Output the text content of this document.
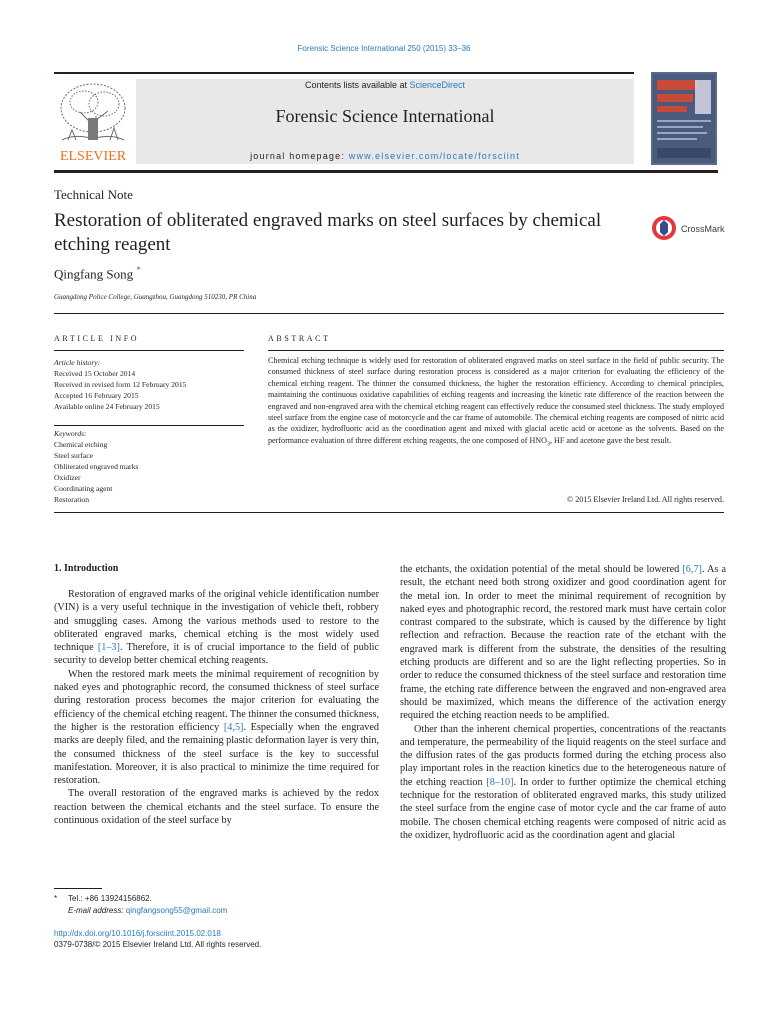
Forensic Science International 250 (2015) 33–36
ELSEVIER
Contents lists available at ScienceDirect
Forensic Science International
journal homepage: www.elsevier.com/locate/forsciint
Technical Note
Restoration of obliterated engraved marks on steel surfaces by chemical etching reagent
CrossMark
Qingfang Song *
Guangdong Police College, Guangzhou, Guangdong 510230, PR China
ARTICLE INFO	ABSTRACT
Article history:
Received 15 October 2014
Received in revised form 12 February 2015
Accepted 16 February 2015
Available online 24 February 2015
Keywords:
Chemical etching
Steel surface
Obliterated engraved marks
Oxidizer
Coordinating agent
Restoration
Chemical etching technique is widely used for restoration of obliterated engraved marks on steel surface in the field of public security. The consumed thickness of steel surface during restoration process is considered as a major criterion for evaluating the efficiency of the chemical etching reagent. The thinner the consumed thickness, the higher the restoration efficiency. According to chemical principles, maintaining the continuous oxidative capabilities of etching reagents and increasing the kinetic rate difference of the reaction between the engraved and non-engraved area with the chemical etching reagent can effectively reduce the consumed steel thickness. The study employed steel surface from the engine case of motorcycle and the car frame of automobile. The chemical etching reagents are composed of nitric acid as the oxidizer, hydrofluoric acid as the coordination agent and mixed with glacial acetic acid or acetone as the solvents. Based on the performance evaluation of three different etching reagents, the one composed of $HNO_3$, HF and acetone gave the best result.
© 2015 Elsevier Ireland Ltd. All rights reserved.
1. Introduction

Restoration of engraved marks of the original vehicle identification number (VIN) is a very useful technique in the investigation of vehicle theft, robbery and smuggling cases. Among the various methods used to restore to the obliterated engraved marks, chemical etching is the most widely used technique [1–3]. Therefore, it is of crucial importance to the field of public security to develop better chemical etching reagents.

When the restored mark meets the minimal requirement of recognition by naked eyes and photographic record, the consumed thickness of steel surface during restoration process becomes the major criterion for evaluating the efficiency of the chemical etching reagent. The thinner the consumed thickness, the higher is the restoration efficiency [4,5]. Especially when the engraved marks are deeply filed, and the remaining plastic deformation layer is very thin, the consumed thickness of the steel surface is the key to successful manifestation. Moreover, it is also practical to minimize the time required for restoration.

The overall restoration of the engraved marks is achieved by the redox reaction between the chemical etchants and the steel surface. To ensure the continuous oxidation of the steel surface by

the etchants, the oxidation potential of the metal should be lowered [6,7]. As a result, the etchant need both strong oxidizer and good coordination agent for the metal ion. In order to meet the minimal requirement of recognition by naked eyes and photographic record, the restored mark must have certain color contrast compared to the substrate, which is caused by the difference by light reflection and refraction. Because the reaction rate of the etchant with the engraved mark is different from the substrate, the densities of the resulting etching products are different and so are the light reflecting properties. So in order to reduce the consumed thickness of the steel surface and restoration time frame, the etching rate difference between the engraved and non-engraved area should be maximized, which means the difference of the activation energy required the etching reaction needs to be amplified.

Other than the inherent chemical properties, concentrations of the reactants and temperature, the permeability of the liquid reagents on the steel surface and the diffusion rates of the gas products formed during the etching process also play important roles in the reaction kinetics due to the heterogeneous nature of the etching reaction [8–10]. In order to further optimize the chemical etching technique for the restoration of obliterated engraved marks, this study utilized the steel surface from the engine case of motor cycle and the car frame of auto mobile. The chosen chemical etching reagents were composed of nitric acid as the oxidizer, hydrofluoric acid as the coordination agent and glacial

* Tel.: +86 13924156862.
E-mail address: qingfangsong55@gmail.com
http://dx.doi.org/10.1016/j.forsciint.2015.02.018
0379-0738/© 2015 Elsevier Ireland Ltd. All rights reserved.
